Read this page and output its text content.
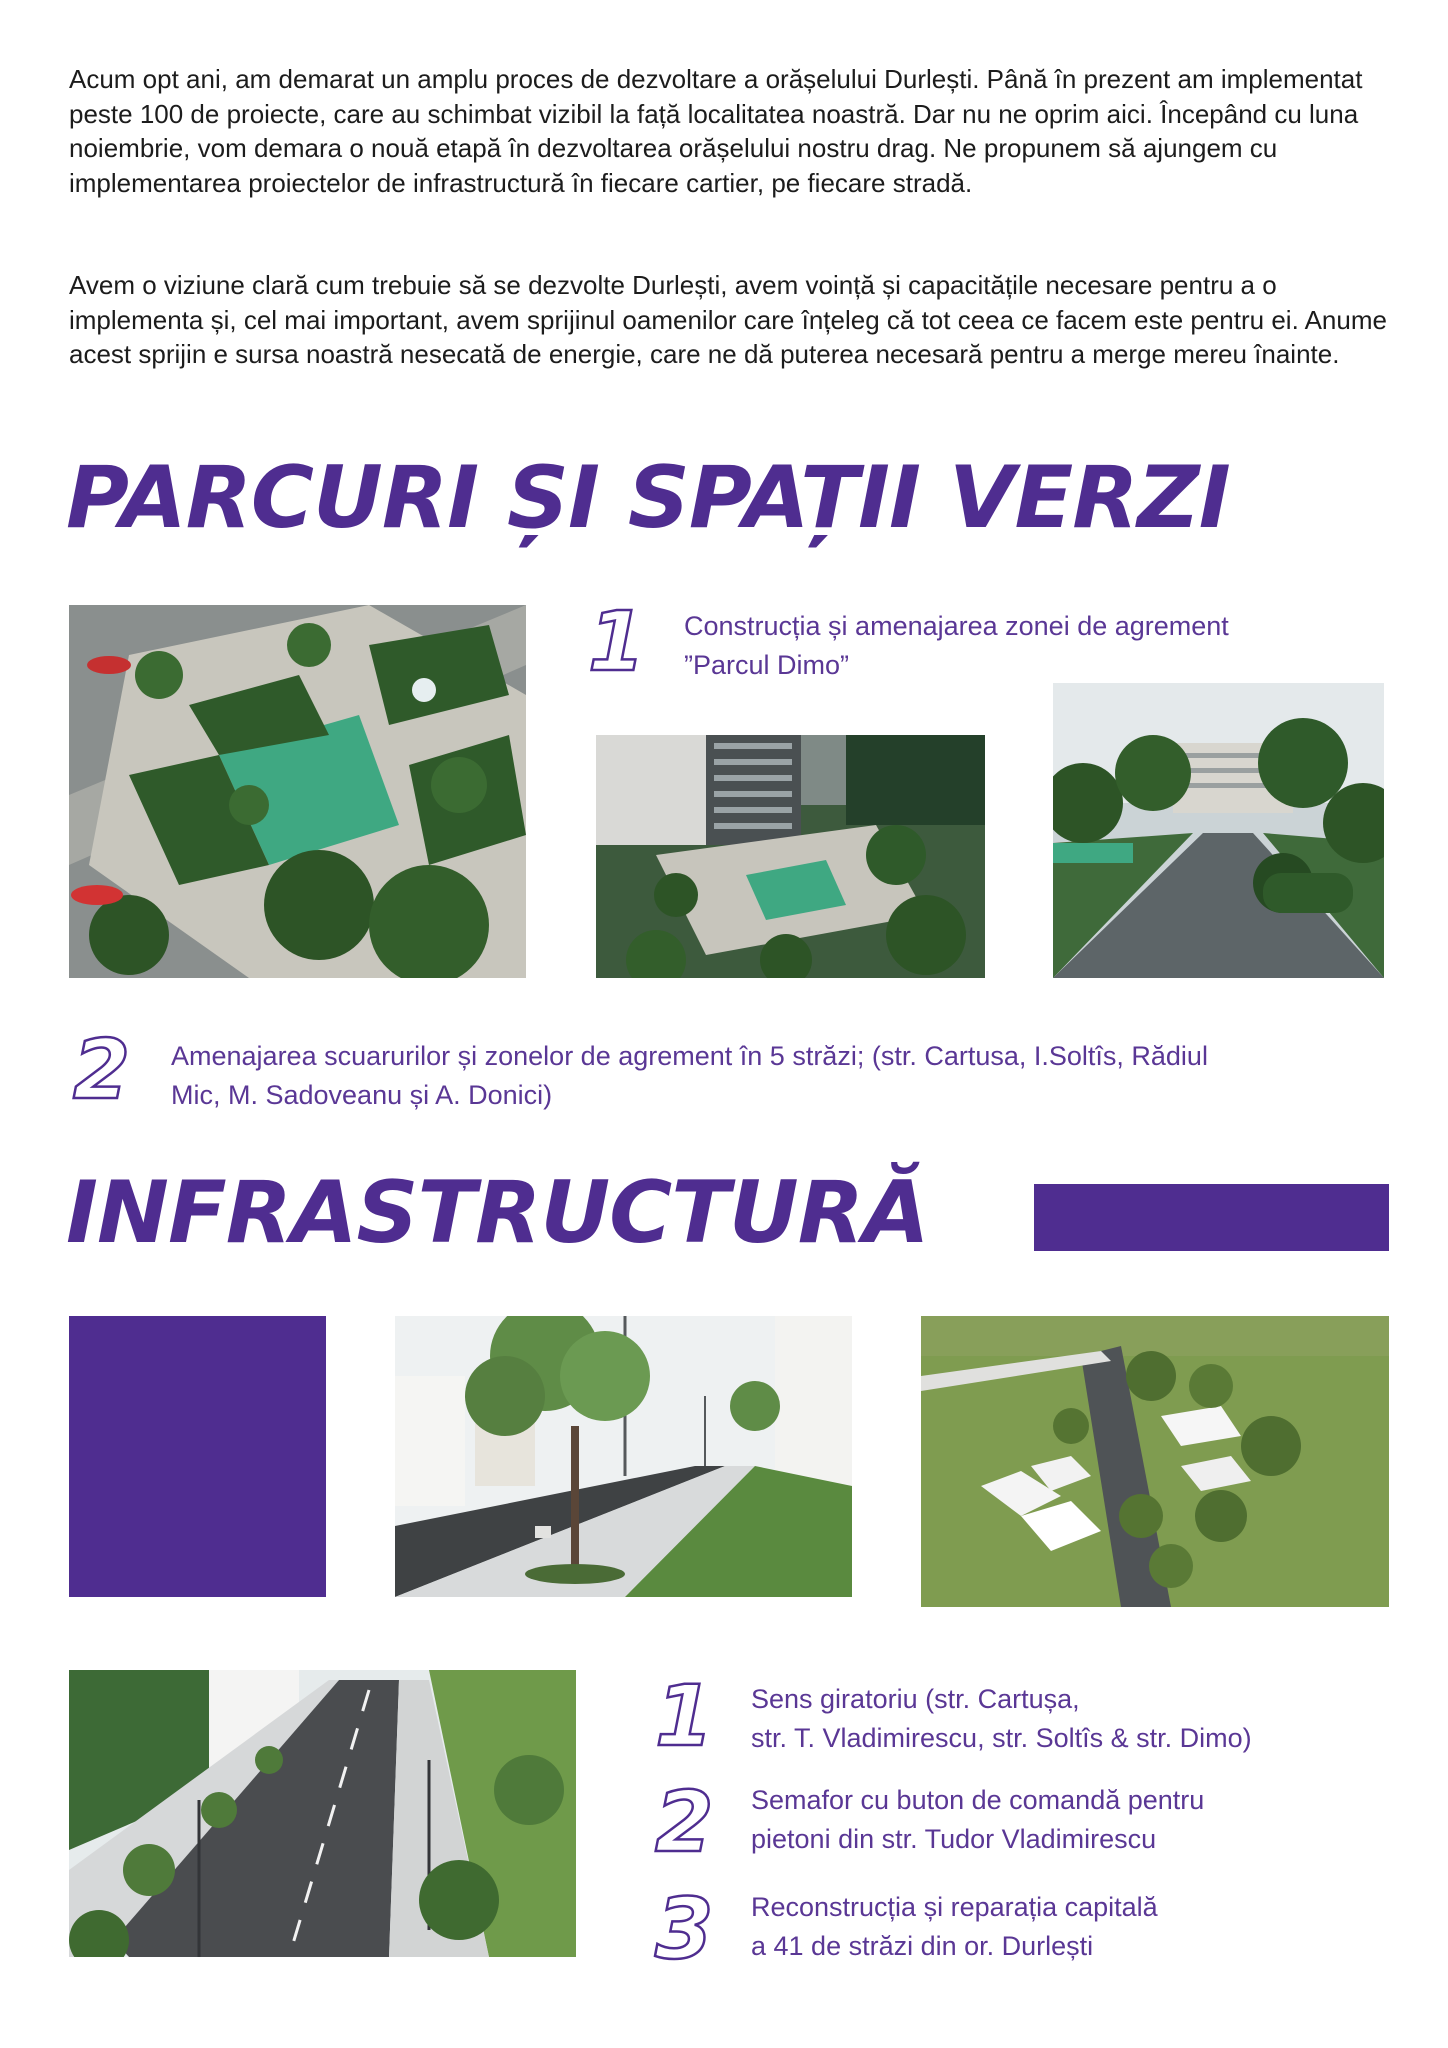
Acum opt ani, am demarat un amplu proces de dezvoltare a orășelului Durlești. Până în prezent am implementat peste 100 de proiecte, care au schimbat vizibil la față localitatea noastră. Dar nu ne oprim aici. Începând cu luna noiembrie, vom demara o nouă etapă în dezvoltarea orășelului nostru drag. Ne propunem să ajungem cu implementarea proiectelor de infrastructură în fiecare cartier, pe fiecare stradă.

Avem o viziune clară cum trebuie să se dezvolte Durlești, avem voință și capacitățile necesare pentru a o implementa și, cel mai important, avem sprijinul oamenilor care înțeleg că tot ceea ce facem este pentru ei. Anume acest sprijin e sursa noastră nesecată de energie, care ne dă puterea necesară pentru a merge mereu înainte.

PARCURI ȘI SPAȚII VERZI
1 Construcția și amenajarea zonei de agrement
”Parcul Dimo”
2 Amenajarea scuarurilor și zonelor de agrement în 5 străzi; (str. Cartusa, I.Soltîs, Rădiul
Mic, M. Sadoveanu și A. Donici)
INFRASTRUCTURĂ
1 Sens giratoriu (str. Cartușa,
str. T. Vladimirescu, str. Soltîs & str. Dimo)
2 Semafor cu buton de comandă pentru
pietoni din str. Tudor Vladimirescu
3 Reconstrucția și reparația capitală
a 41 de străzi din or. Durlești
